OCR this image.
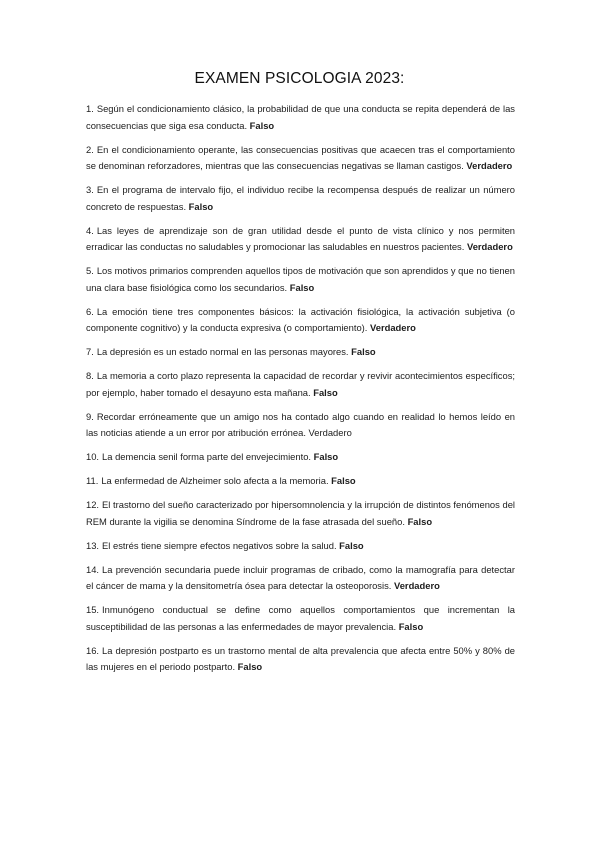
EXAMEN PSICOLOGIA 2023:

1. Según el condicionamiento clásico, la probabilidad de que una conducta se repita dependerá de las consecuencias que siga esa conducta. Falso

2. En el condicionamiento operante, las consecuencias positivas que acaecen tras el comportamiento se denominan reforzadores, mientras que las consecuencias negativas se llaman castigos. Verdadero

3. En el programa de intervalo fijo, el individuo recibe la recompensa después de realizar un número concreto de respuestas. Falso

4. Las leyes de aprendizaje son de gran utilidad desde el punto de vista clínico y nos permiten erradicar las conductas no saludables y promocionar las saludables en nuestros pacientes. Verdadero

5. Los motivos primarios comprenden aquellos tipos de motivación que son aprendidos y que no tienen una clara base fisiológica como los secundarios. Falso

6. La emoción tiene tres componentes básicos: la activación fisiológica, la activación subjetiva (o componente cognitivo) y la conducta expresiva (o comportamiento). Verdadero

7. La depresión es un estado normal en las personas mayores. Falso

8. La memoria a corto plazo representa la capacidad de recordar y revivir acontecimientos específicos; por ejemplo, haber tomado el desayuno esta mañana. Falso

9. Recordar erróneamente que un amigo nos ha contado algo cuando en realidad lo hemos leído en las noticias atiende a un error por atribución errónea. Verdadero

10. La demencia senil forma parte del envejecimiento. Falso

11. La enfermedad de Alzheimer solo afecta a la memoria. Falso

12. El trastorno del sueño caracterizado por hipersomnolencia y la irrupción de distintos fenómenos del REM durante la vigilia se denomina Síndrome de la fase atrasada del sueño. Falso

13. El estrés tiene siempre efectos negativos sobre la salud. Falso

14. La prevención secundaria puede incluir programas de cribado, como la mamografía para detectar el cáncer de mama y la densitometría ósea para detectar la osteoporosis. Verdadero

15. Inmunógeno conductual se define como aquellos comportamientos que incrementan la susceptibilidad de las personas a las enfermedades de mayor prevalencia. Falso

16. La depresión postparto es un trastorno mental de alta prevalencia que afecta entre 50% y 80% de las mujeres en el periodo postparto. Falso
